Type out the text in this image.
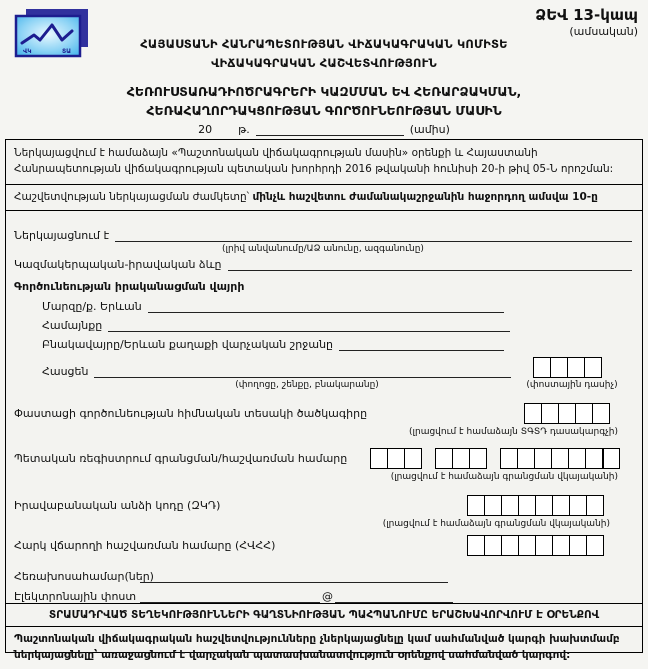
ՎԿ	ՏԱ
ՁԵՎ 13-կապ
(ամսական)
ՀԱՅԱՍՏԱՆԻ ՀԱՆՐԱՊԵՏՈՒԹՅԱՆ ՎԻՃԱԿԱԳՐԱԿԱՆ ԿՈՄԻՏԵ
ՎԻՃԱԿԱԳՐԱԿԱՆ ՀԱՇՎԵՏՎՈՒԹՅՈՒՆ
ՀԵՌՈՒՍՏԱՌԱԴԻՈԾՐԱԳՐԵՐԻ ԿԱԶՄՄԱՆ ԵՎ ՀԵՌԱՐՁԱԿՄԱՆ,
ՀԵՌԱՀԱՂՈՐԴԱԿՑՈՒԹՅԱՆ ԳՈՐԾՈՒՆԵՈՒԹՅԱՆ ՄԱՍԻՆ
20 թ.	(ամիս)
Ներկայացվում է համաձայն «Պաշտոնական վիճակագրության մասին» օրենքի և Հայաստանի Հանրապետության վիճակագրության պետական խորհրդի 2016 թվականի հունիսի 20-ի թիվ 05-Ն որոշման:
Հաշվետվության ներկայացման ժամկետը՝ մինչև հաշվետու ժամանակաշրջանին հաջորդող ամսվա 10-ը
Ներկայացնում է
(լրիվ անվանումը/ԱՁ անունը, ազգանունը)
Կազմակերպական-իրավական ձևը
Գործունեության իրականացման վայրի
Մարզը/ք. Երևան
Համայնքը
Բնակավայրը/Երևան քաղաքի վարչական շրջանը
Հասցեն
(փողոցը, շենքը, բնակարանը)	(փոստային դասիչ)
Փաստացի գործունեության հիմնական տեսակի ծածկագիրը
(լրացվում է համաձայն ՏԳՏԴ դասակարգչի)
Պետական ռեգիստրում գրանցման/հաշվառման համարը
(լրացվում է համաձայն գրանցման վկայականի)
Իրավաբանական անձի կոդը (ԶԿԴ)
(լրացվում է համաձայն գրանցման վկայականի)
Հարկ վճարողի հաշվառման համարը (ՀՎՀՀ)
Հեռախոսահամար(ներ)
Էլեկտրոնային փոստ	@
ՏՐԱՄԱԴՐՎԱԾ ՏԵՂԵԿՈՒԹՅՈՒՆՆԵՐԻ ԳԱՂՏՆԻՈՒԹՅԱՆ ՊԱՀՊԱՆՈՒՄԸ ԵՐԱՇԽԱՎՈՐՎՈՒՄ Է ՕՐԵՆՔՈՎ
Պաշտոնական վիճակագրական հաշվետվությունները չներկայացնելը կամ սահմանված կարգի խախտմամբ ներկայացնելը՝ առաջացնում է վարչական պատասխանատվություն օրենքով սահմանված կարգով:
